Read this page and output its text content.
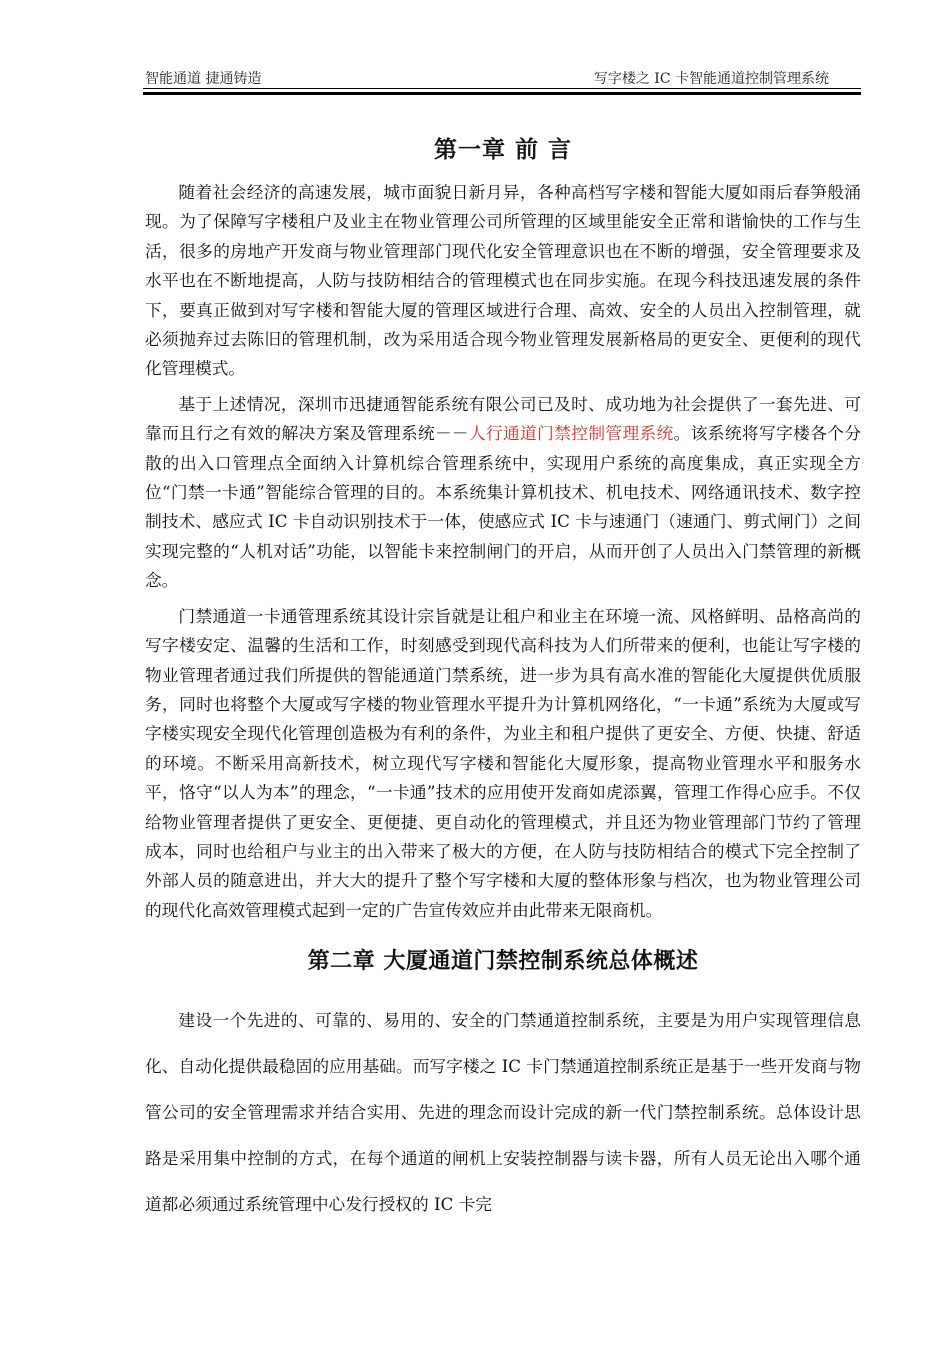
智能通道 捷通铸造	写字楼之 IC 卡智能通道控制管理系统
第一章 前 言

随着社会经济的高速发展，城市面貌日新月异，各种高档写字楼和智能大厦如雨后春笋般涌现。为了保障写字楼租户及业主在物业管理公司所管理的区域里能安全正常和谐愉快的工作与生活，很多的房地产开发商与物业管理部门现代化安全管理意识也在不断的增强，安全管理要求及水平也在不断地提高，人防与技防相结合的管理模式也在同步实施。在现今科技迅速发展的条件下，要真正做到对写字楼和智能大厦的管理区域进行合理、高效、安全的人员出入控制管理，就必须抛弃过去陈旧的管理机制，改为采用适合现今物业管理发展新格局的更安全、更便利的现代化管理模式。

基于上述情况，深圳市迅捷通智能系统有限公司已及时、成功地为社会提供了一套先进、可靠而且行之有效的解决方案及管理系统－－人行通道门禁控制管理系统。该系统将写字楼各个分散的出入口管理点全面纳入计算机综合管理系统中，实现用户系统的高度集成，真正实现全方位“门禁一卡通”智能综合管理的目的。本系统集计算机技术、机电技术、网络通讯技术、数字控制技术、感应式 IC 卡自动识别技术于一体，使感应式 IC 卡与速通门（速通门、剪式闸门）之间实现完整的“人机对话”功能，以智能卡来控制闸门的开启，从而开创了人员出入门禁管理的新概念。

门禁通道一卡通管理系统其设计宗旨就是让租户和业主在环境一流、风格鲜明、品格高尚的写字楼安定、温馨的生活和工作，时刻感受到现代高科技为人们所带来的便利，也能让写字楼的物业管理者通过我们所提供的智能通道门禁系统，进一步为具有高水准的智能化大厦提供优质服务，同时也将整个大厦或写字楼的物业管理水平提升为计算机网络化，“一卡通”系统为大厦或写字楼实现安全现代化管理创造极为有利的条件，为业主和租户提供了更安全、方便、快捷、舒适的环境。不断采用高新技术，树立现代写字楼和智能化大厦形象，提高物业管理水平和服务水平，恪守“以人为本”的理念，“一卡通”技术的应用使开发商如虎添翼，管理工作得心应手。不仅给物业管理者提供了更安全、更便捷、更自动化的管理模式，并且还为物业管理部门节约了管理成本，同时也给租户与业主的出入带来了极大的方便，在人防与技防相结合的模式下完全控制了外部人员的随意进出，并大大的提升了整个写字楼和大厦的整体形象与档次，也为物业管理公司的现代化高效管理模式起到一定的广告宣传效应并由此带来无限商机。

第二章 大厦通道门禁控制系统总体概述

建设一个先进的、可靠的、易用的、安全的门禁通道控制系统，主要是为用户实现管理信息化、自动化提供最稳固的应用基础。而写字楼之 IC 卡门禁通道控制系统正是基于一些开发商与物管公司的安全管理需求并结合实用、先进的理念而设计完成的新一代门禁控制系统。总体设计思路是采用集中控制的方式，在每个通道的闸机上安装控制器与读卡器，所有人员无论出入哪个通道都必须通过系统管理中心发行授权的 IC 卡完
